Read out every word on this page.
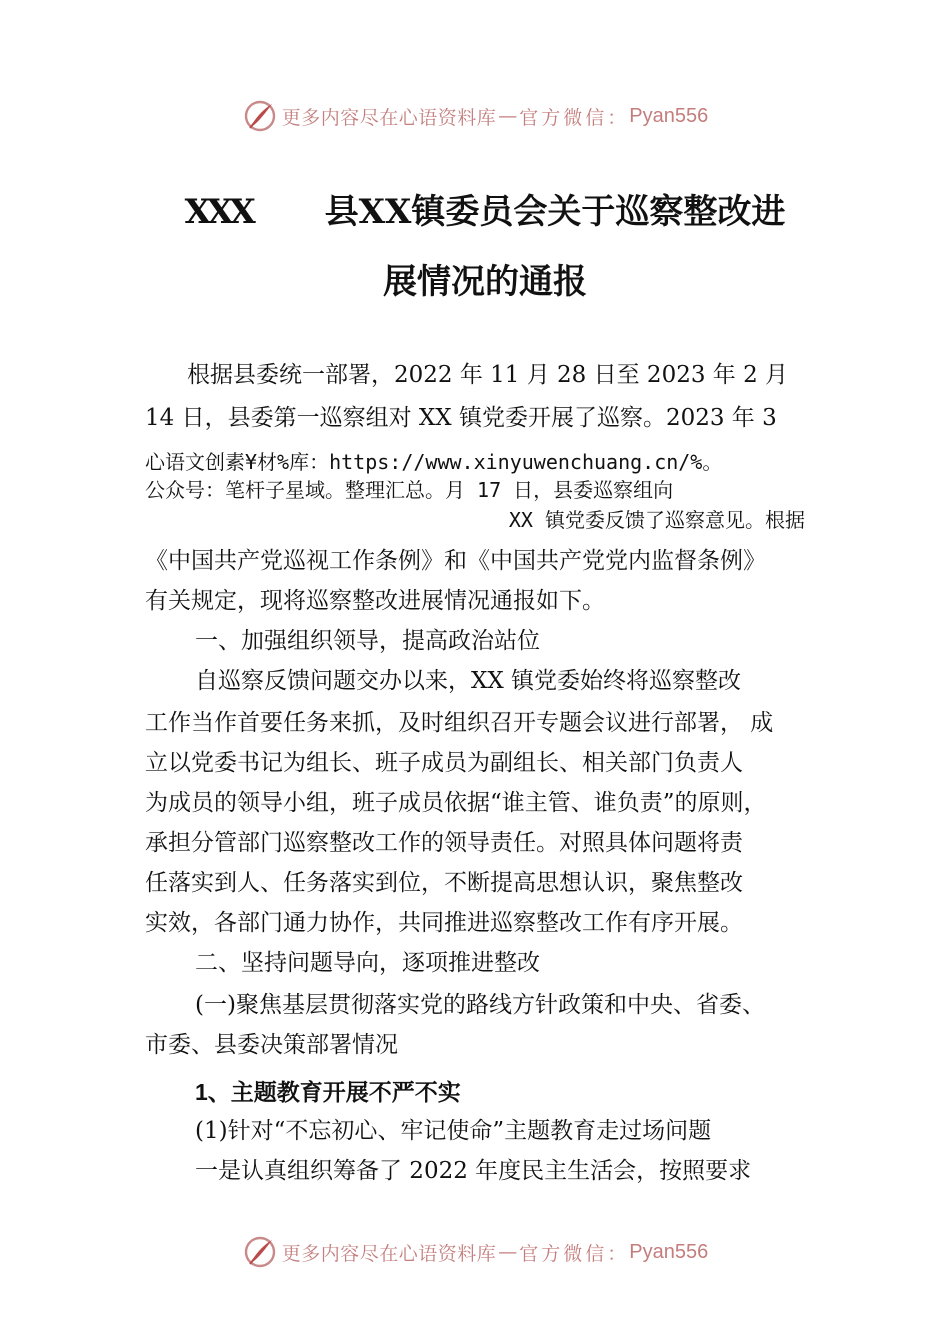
更多内容尽在心语资料库 — 官方微信： Pyan556
XXX 县XX镇委员会关于巡察整改进
展情况的通报
根据县委统一部署，2022 年 11 月 28 日至 2023 年 2 月
14 日，县委第一巡察组对 XX 镇党委开展了巡察。2023 年 3
心语文创素¥材%库：https://www.xinyuwenchuang.cn/%。
公众号：笔杆子星域。整理汇总。月 17 日，县委巡察组向
XX 镇党委反馈了巡察意见。根据
《中国共产党巡视工作条例》和《中国共产党党内监督条例》
有关规定，现将巡察整改进展情况通报如下。
一、加强组织领导，提高政治站位
自巡察反馈问题交办以来，XX 镇党委始终将巡察整改
工作当作首要任务来抓，及时组织召开专题会议进行部署， 成
立以党委书记为组长、班子成员为副组长、相关部门负责人
为成员的领导小组，班子成员依据“谁主管、谁负责”的原则，
承担分管部门巡察整改工作的领导责任。对照具体问题将责
任落实到人、任务落实到位，不断提高思想认识，聚焦整改
实效，各部门通力协作，共同推进巡察整改工作有序开展。
二、坚持问题导向，逐项推进整改
(一)聚焦基层贯彻落实党的路线方针政策和中央、省委、
市委、县委决策部署情况
1、主题教育开展不严不实
(1)针对“不忘初心、牢记使命”主题教育走过场问题
一是认真组织筹备了 2022 年度民主生活会，按照要求
更多内容尽在心语资料库 — 官方微信： Pyan556
